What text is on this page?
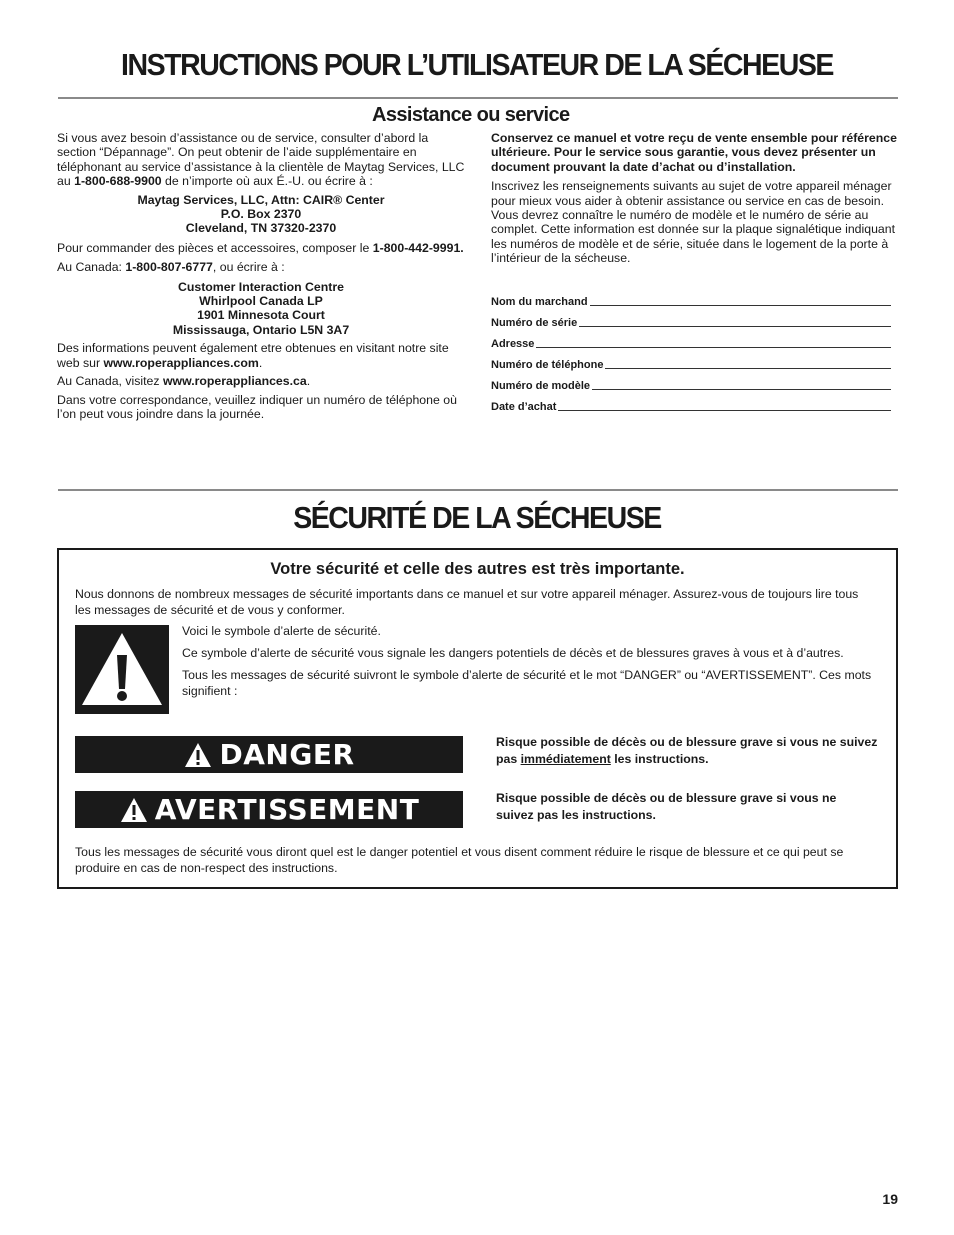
INSTRUCTIONS POUR L’UTILISATEUR DE LA SÉCHEUSE
Assistance ou service

Si vous avez besoin d’assistance ou de service, consulter d’abord la section “Dépannage”. On peut obtenir de l’aide supplémentaire en téléphonant au service d’assistance à la clientèle de Maytag Services, LLC au 1-800-688-9900 de n’importe où aux É.-U. ou écrire à :

Maytag Services, LLC, Attn: CAIR® Center
P.O. Box 2370
Cleveland, TN 37320-2370

Pour commander des pièces et accessoires, composer le 1-800-442-9991.

Au Canada: 1-800-807-6777, ou écrire à :

Customer Interaction Centre
Whirlpool Canada LP
1901 Minnesota Court
Mississauga, Ontario L5N 3A7

Des informations peuvent également etre obtenues en visitant notre site web sur www.roperappliances.com.

Au Canada, visitez www.roperappliances.ca.

Dans votre correspondance, veuillez indiquer un numéro de téléphone où l’on peut vous joindre dans la journée.

Conservez ce manuel et votre reçu de vente ensemble pour référence ultérieure. Pour le service sous garantie, vous devez présenter un document prouvant la date d’achat ou d’installation.

Inscrivez les renseignements suivants au sujet de votre appareil ménager pour mieux vous aider à obtenir assistance ou service en cas de besoin. Vous devrez connaître le numéro de modèle et le numéro de série au complet. Cette information est donnée sur la plaque signalétique indiquant les numéros de modèle et de série, située dans le logement de la porte à l’intérieur de la sécheuse.

Nom du marchand
Numéro de série
Adresse
Numéro de téléphone
Numéro de modèle
Date d’achat
SÉCURITÉ DE LA SÉCHEUSE
Votre sécurité et celle des autres est très importante.
Nous donnons de nombreux messages de sécurité importants dans ce manuel et sur votre appareil ménager. Assurez-vous de toujours lire tous les messages de sécurité et de vous y conformer.

Voici le symbole d’alerte de sécurité.

Ce symbole d’alerte de sécurité vous signale les dangers potentiels de décès et de blessures graves à vous et à d’autres.

Tous les messages de sécurité suivront le symbole d’alerte de sécurité et le mot “DANGER” ou “AVERTISSEMENT”. Ces mots signifient :

DANGER	Risque possible de décès ou de blessure grave si vous ne suivez pas immédiatement les instructions.
AVERTISSEMENT	Risque possible de décès ou de blessure grave si vous ne suivez pas les instructions.
Tous les messages de sécurité vous diront quel est le danger potentiel et vous disent comment réduire le risque de blessure et ce qui peut se produire en cas de non-respect des instructions.
19
